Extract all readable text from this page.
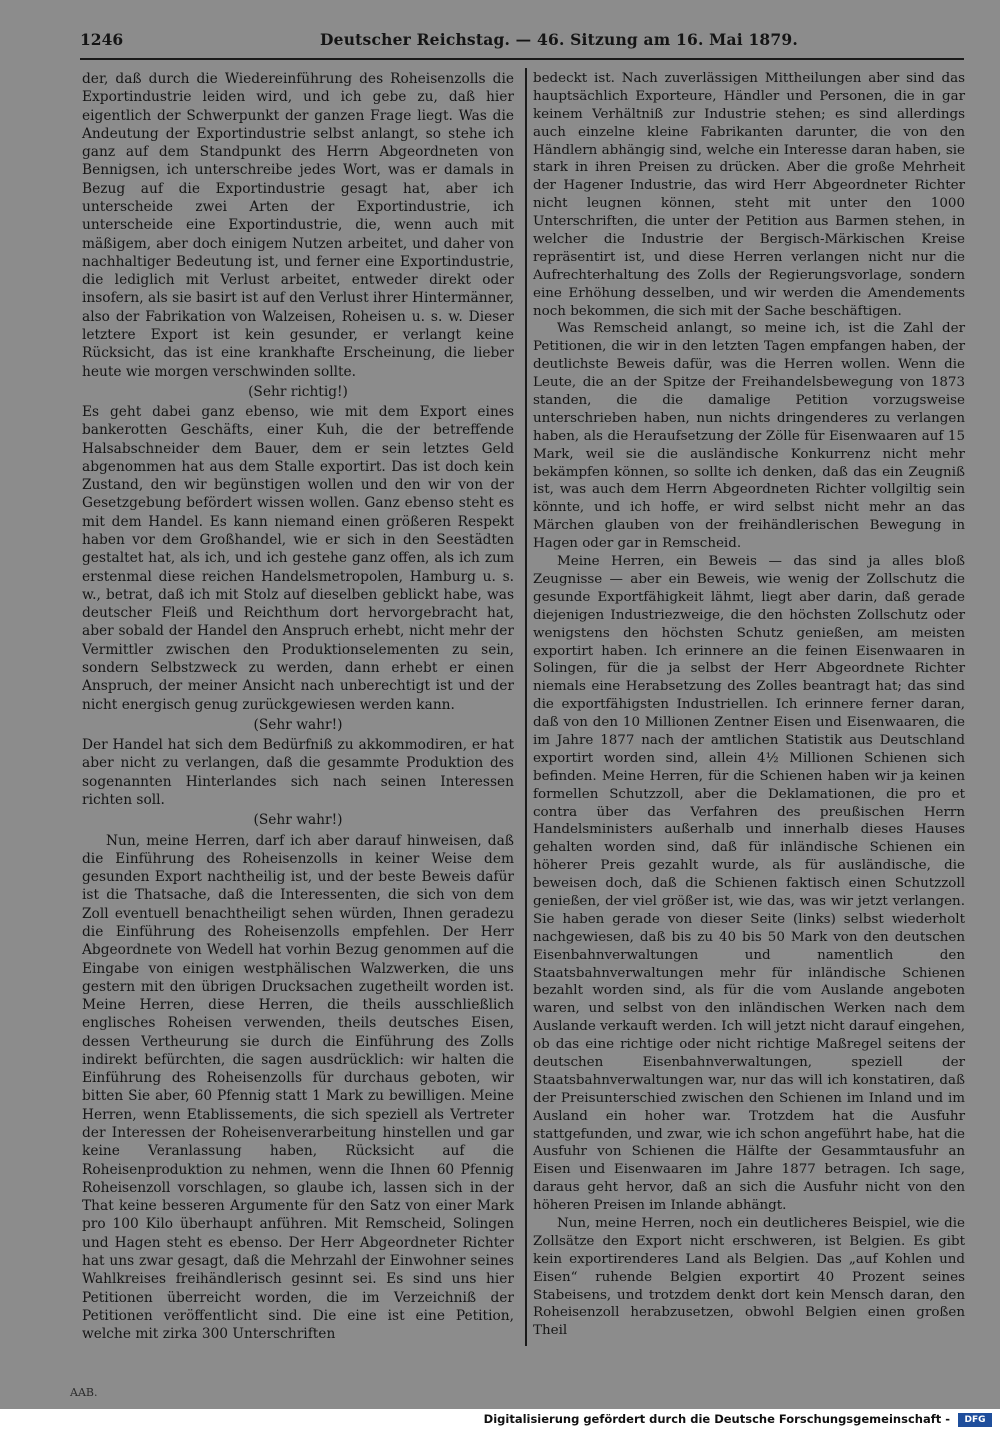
1246	Deutscher Reichstag. — 46. Sitzung am 16. Mai 1879.

der, daß durch die Wiedereinführung des Roheisenzolls die Exportindustrie leiden wird, und ich gebe zu, daß hier eigentlich der Schwerpunkt der ganzen Frage liegt. Was die Andeutung der Exportindustrie selbst anlangt, so stehe ich ganz auf dem Standpunkt des Herrn Abgeordneten von Bennigsen, ich unterschreibe jedes Wort, was er damals in Bezug auf die Exportindustrie gesagt hat, aber ich unterscheide zwei Arten der Exportindustrie, ich unterscheide eine Exportindustrie, die, wenn auch mit mäßigem, aber doch einigem Nutzen arbeitet, und daher von nachhaltiger Bedeutung ist, und ferner eine Exportindustrie, die lediglich mit Verlust arbeitet, entweder direkt oder insofern, als sie basirt ist auf den Verlust ihrer Hintermänner, also der Fabrikation von Walzeisen, Roheisen u. s. w. Dieser letztere Export ist kein gesunder, er verlangt keine Rücksicht, das ist eine krankhafte Erscheinung, die lieber heute wie morgen verschwinden sollte.

(Sehr richtig!)

Es geht dabei ganz ebenso, wie mit dem Export eines bankerotten Geschäfts, einer Kuh, die der betreffende Halsabschneider dem Bauer, dem er sein letztes Geld abgenommen hat aus dem Stalle exportirt. Das ist doch kein Zustand, den wir begünstigen wollen und den wir von der Gesetzgebung befördert wissen wollen. Ganz ebenso steht es mit dem Handel. Es kann niemand einen größeren Respekt haben vor dem Großhandel, wie er sich in den Seestädten gestaltet hat, als ich, und ich gestehe ganz offen, als ich zum erstenmal diese reichen Handelsmetropolen, Hamburg u. s. w., betrat, daß ich mit Stolz auf dieselben geblickt habe, was deutscher Fleiß und Reichthum dort hervorgebracht hat, aber sobald der Handel den Anspruch erhebt, nicht mehr der Vermittler zwischen den Produktionselementen zu sein, sondern Selbstzweck zu werden, dann erhebt er einen Anspruch, der meiner Ansicht nach unberechtigt ist und der nicht energisch genug zurückgewiesen werden kann.

(Sehr wahr!)

Der Handel hat sich dem Bedürfniß zu akkommodiren, er hat aber nicht zu verlangen, daß die gesammte Produktion des sogenannten Hinterlandes sich nach seinen Interessen richten soll.

(Sehr wahr!)

Nun, meine Herren, darf ich aber darauf hinweisen, daß die Einführung des Roheisenzolls in keiner Weise dem gesunden Export nachtheilig ist, und der beste Beweis dafür ist die Thatsache, daß die Interessenten, die sich von dem Zoll eventuell benachtheiligt sehen würden, Ihnen geradezu die Einführung des Roheisenzolls empfehlen. Der Herr Abgeordnete von Wedell hat vorhin Bezug genommen auf die Eingabe von einigen westphälischen Walzwerken, die uns gestern mit den übrigen Drucksachen zugetheilt worden ist. Meine Herren, diese Herren, die theils ausschließlich englisches Roheisen verwenden, theils deutsches Eisen, dessen Vertheurung sie durch die Einführung des Zolls indirekt befürchten, die sagen ausdrücklich: wir halten die Einführung des Roheisenzolls für durchaus geboten, wir bitten Sie aber, 60 Pfennig statt 1 Mark zu bewilligen. Meine Herren, wenn Etablissements, die sich speziell als Vertreter der Interessen der Roheisenverarbeitung hinstellen und gar keine Veranlassung haben, Rücksicht auf die Roheisenproduktion zu nehmen, wenn die Ihnen 60 Pfennig Roheisenzoll vorschlagen, so glaube ich, lassen sich in der That keine besseren Argumente für den Satz von einer Mark pro 100 Kilo überhaupt anführen. Mit Remscheid, Solingen und Hagen steht es ebenso. Der Herr Abgeordneter Richter hat uns zwar gesagt, daß die Mehrzahl der Einwohner seines Wahlkreises freihändlerisch gesinnt sei. Es sind uns hier Petitionen überreicht worden, die im Verzeichniß der Petitionen veröffentlicht sind. Die eine ist eine Petition, welche mit zirka 300 Unterschriften

bedeckt ist. Nach zuverlässigen Mittheilungen aber sind das hauptsächlich Exporteure, Händler und Personen, die in gar keinem Verhältniß zur Industrie stehen; es sind allerdings auch einzelne kleine Fabrikanten darunter, die von den Händlern abhängig sind, welche ein Interesse daran haben, sie stark in ihren Preisen zu drücken. Aber die große Mehrheit der Hagener Industrie, das wird Herr Abgeordneter Richter nicht leugnen können, steht mit unter den 1000 Unterschriften, die unter der Petition aus Barmen stehen, in welcher die Industrie der Bergisch-Märkischen Kreise repräsentirt ist, und diese Herren verlangen nicht nur die Aufrechterhaltung des Zolls der Regierungsvorlage, sondern eine Erhöhung desselben, und wir werden die Amendements noch bekommen, die sich mit der Sache beschäftigen.

Was Remscheid anlangt, so meine ich, ist die Zahl der Petitionen, die wir in den letzten Tagen empfangen haben, der deutlichste Beweis dafür, was die Herren wollen. Wenn die Leute, die an der Spitze der Freihandelsbewegung von 1873 standen, die die damalige Petition vorzugsweise unterschrieben haben, nun nichts dringenderes zu verlangen haben, als die Heraufsetzung der Zölle für Eisenwaaren auf 15 Mark, weil sie die ausländische Konkurrenz nicht mehr bekämpfen können, so sollte ich denken, daß das ein Zeugniß ist, was auch dem Herrn Abgeordneten Richter vollgiltig sein könnte, und ich hoffe, er wird selbst nicht mehr an das Märchen glauben von der freihändlerischen Bewegung in Hagen oder gar in Remscheid.

Meine Herren, ein Beweis — das sind ja alles bloß Zeugnisse — aber ein Beweis, wie wenig der Zollschutz die gesunde Exportfähigkeit lähmt, liegt aber darin, daß gerade diejenigen Industriezweige, die den höchsten Zollschutz oder wenigstens den höchsten Schutz genießen, am meisten exportirt haben. Ich erinnere an die feinen Eisenwaaren in Solingen, für die ja selbst der Herr Abgeordnete Richter niemals eine Herabsetzung des Zolles beantragt hat; das sind die exportfähigsten Industriellen. Ich erinnere ferner daran, daß von den 10 Millionen Zentner Eisen und Eisenwaaren, die im Jahre 1877 nach der amtlichen Statistik aus Deutschland exportirt worden sind, allein 4½ Millionen Schienen sich befinden. Meine Herren, für die Schienen haben wir ja keinen formellen Schutzzoll, aber die Deklamationen, die pro et contra über das Verfahren des preußischen Herrn Handelsministers außerhalb und innerhalb dieses Hauses gehalten worden sind, daß für inländische Schienen ein höherer Preis gezahlt wurde, als für ausländische, die beweisen doch, daß die Schienen faktisch einen Schutzzoll genießen, der viel größer ist, wie das, was wir jetzt verlangen. Sie haben gerade von dieser Seite (links) selbst wiederholt nachgewiesen, daß bis zu 40 bis 50 Mark von den deutschen Eisenbahnverwaltungen und namentlich den Staatsbahnverwaltungen mehr für inländische Schienen bezahlt worden sind, als für die vom Auslande angeboten waren, und selbst von den inländischen Werken nach dem Auslande verkauft werden. Ich will jetzt nicht darauf eingehen, ob das eine richtige oder nicht richtige Maßregel seitens der deutschen Eisenbahnverwaltungen, speziell der Staatsbahnverwaltungen war, nur das will ich konstatiren, daß der Preisunterschied zwischen den Schienen im Inland und im Ausland ein hoher war. Trotzdem hat die Ausfuhr stattgefunden, und zwar, wie ich schon angeführt habe, hat die Ausfuhr von Schienen die Hälfte der Gesammtausfuhr an Eisen und Eisenwaaren im Jahre 1877 betragen. Ich sage, daraus geht hervor, daß an sich die Ausfuhr nicht von den höheren Preisen im Inlande abhängt.

Nun, meine Herren, noch ein deutlicheres Beispiel, wie die Zollsätze den Export nicht erschweren, ist Belgien. Es gibt kein exportirenderes Land als Belgien. Das „auf Kohlen und Eisen“ ruhende Belgien exportirt 40 Prozent seines Stabeisens, und trotzdem denkt dort kein Mensch daran, den Roheisenzoll herabzusetzen, obwohl Belgien einen großen Theil

AAB.
Digitalisierung gefördert durch die Deutsche Forschungsgemeinschaft -	DFG
